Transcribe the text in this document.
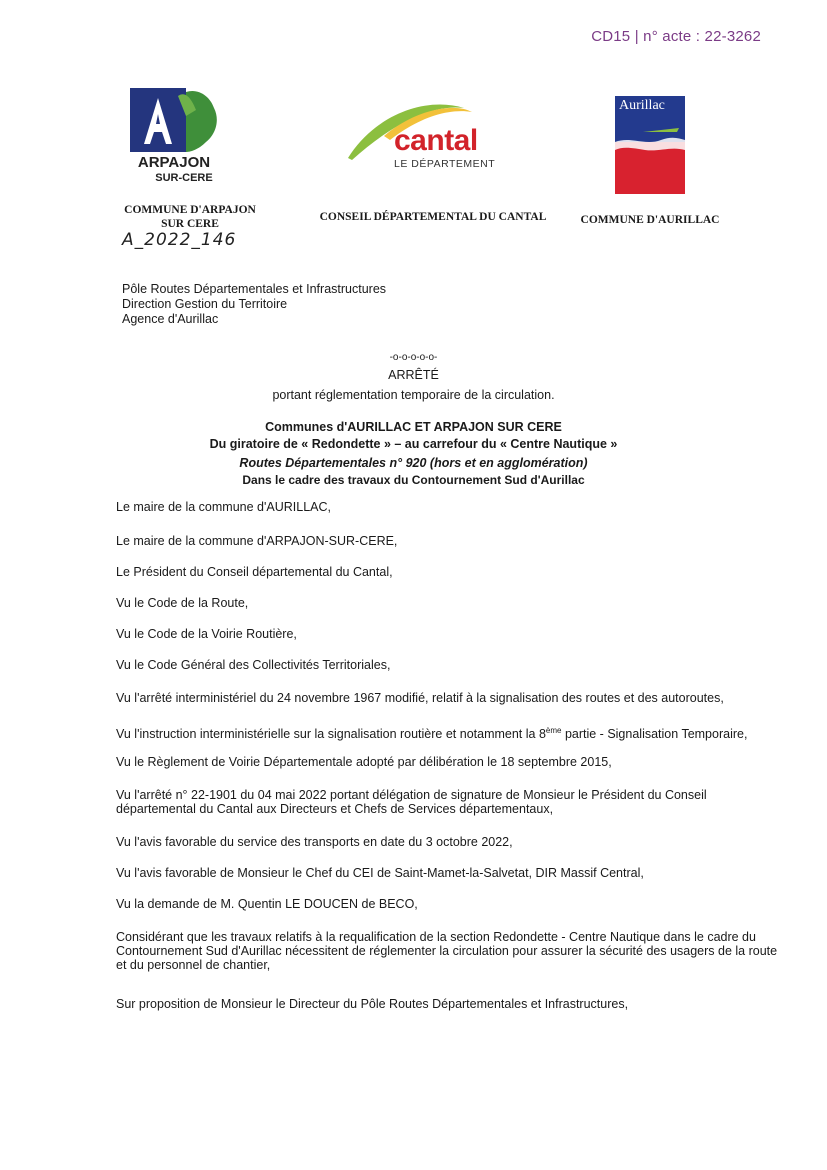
CD15 | n° acte : 22-3262
ARPAJON
SUR-CERE
COMMUNE D'ARPAJON
SUR CERE
A_2022_146
cantal
LE DÉPARTEMENT
CONSEIL DÉPARTEMENTAL DU CANTAL
Aurillac
COMMUNE D'AURILLAC
Pôle Routes Départementales et Infrastructures
Direction Gestion du Territoire
Agence d'Aurillac
-o-o-o-o-o-
ARRÊTÉ
portant réglementation temporaire de la circulation.
Communes d'AURILLAC ET ARPAJON SUR CERE
Du giratoire de « Redondette » – au carrefour du « Centre Nautique »
Routes Départementales n° 920 (hors et en agglomération)
Dans le cadre des travaux du Contournement Sud d'Aurillac
Le maire de la commune d'AURILLAC,
Le maire de la commune d'ARPAJON-SUR-CERE,
Le Président du Conseil départemental du Cantal,
Vu le Code de la Route,
Vu le Code de la Voirie Routière,
Vu le Code Général des Collectivités Territoriales,
Vu l'arrêté interministériel du 24 novembre 1967 modifié, relatif à la signalisation des routes et des autoroutes,
Vu l'instruction interministérielle sur la signalisation routière et notamment la 8ème partie - Signalisation Temporaire,
Vu le Règlement de Voirie Départementale adopté par délibération le 18 septembre 2015,
Vu l'arrêté n° 22-1901 du 04 mai 2022 portant délégation de signature de Monsieur le Président du Conseil
départemental du Cantal aux Directeurs et Chefs de Services départementaux,
Vu l'avis favorable du service des transports en date du 3 octobre 2022,
Vu l'avis favorable de Monsieur le Chef du CEI de Saint-Mamet-la-Salvetat, DIR Massif Central,
Vu la demande de M. Quentin LE DOUCEN de BECO,
Considérant que les travaux relatifs à la requalification de la section Redondette - Centre Nautique dans le cadre du
Contournement Sud d'Aurillac nécessitent de réglementer la circulation pour assurer la sécurité des usagers de la route
et du personnel de chantier,
Sur proposition de Monsieur le Directeur du Pôle Routes Départementales et Infrastructures,
